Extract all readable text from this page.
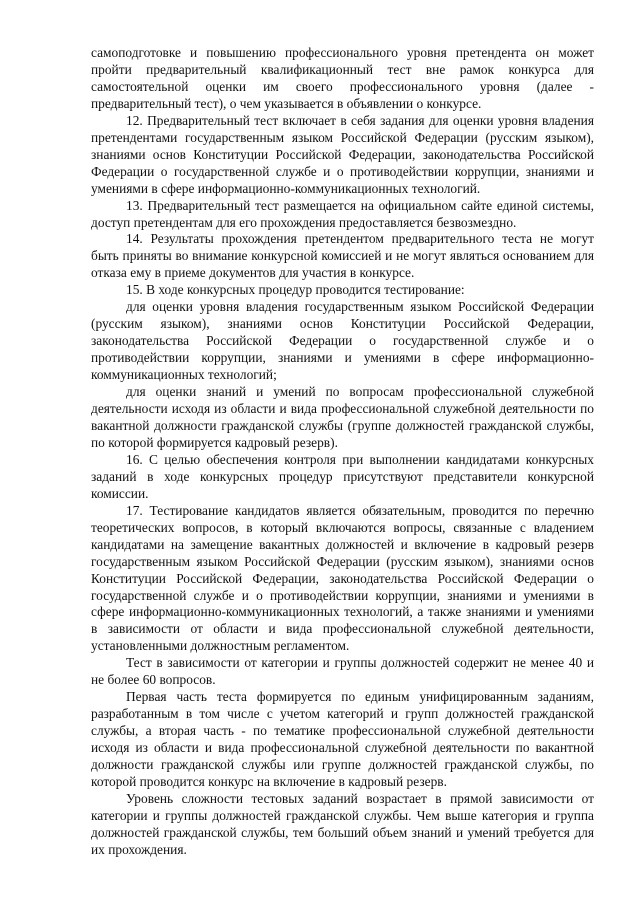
самоподготовке и повышению профессионального уровня претендента он может пройти предварительный квалификационный тест вне рамок конкурса для самостоятельной оценки им своего профессионального уровня (далее - предварительный тест), о чем указывается в объявлении о конкурсе.

12. Предварительный тест включает в себя задания для оценки уровня владения претендентами государственным языком Российской Федерации (русским языком), знаниями основ Конституции Российской Федерации, законодательства Российской Федерации о государственной службе и о противодействии коррупции, знаниями и умениями в сфере информационно-коммуникационных технологий.

13. Предварительный тест размещается на официальном сайте единой системы, доступ претендентам для его прохождения предоставляется безвозмездно.

14. Результаты прохождения претендентом предварительного теста не могут быть приняты во внимание конкурсной комиссией и не могут являться основанием для отказа ему в приеме документов для участия в конкурсе.

15. В ходе конкурсных процедур проводится тестирование:

для оценки уровня владения государственным языком Российской Федерации (русским языком), знаниями основ Конституции Российской Федерации, законодательства Российской Федерации о государственной службе и о противодействии коррупции, знаниями и умениями в сфере информационно-коммуникационных технологий;

для оценки знаний и умений по вопросам профессиональной служебной деятельности исходя из области и вида профессиональной служебной деятельности по вакантной должности гражданской службы (группе должностей гражданской службы, по которой формируется кадровый резерв).

16. С целью обеспечения контроля при выполнении кандидатами конкурсных заданий в ходе конкурсных процедур присутствуют представители конкурсной комиссии.

17. Тестирование кандидатов является обязательным, проводится по перечню теоретических вопросов, в который включаются вопросы, связанные с владением кандидатами на замещение вакантных должностей и включение в кадровый резерв государственным языком Российской Федерации (русским языком), знаниями основ Конституции Российской Федерации, законодательства Российской Федерации о государственной службе и о противодействии коррупции, знаниями и умениями в сфере информационно-коммуникационных технологий, а также знаниями и умениями в зависимости от области и вида профессиональной служебной деятельности, установленными должностным регламентом.

Тест в зависимости от категории и группы должностей содержит не менее 40 и не более 60 вопросов.

Первая часть теста формируется по единым унифицированным заданиям, разработанным в том числе с учетом категорий и групп должностей гражданской службы, а вторая часть - по тематике профессиональной служебной деятельности исходя из области и вида профессиональной служебной деятельности по вакантной должности гражданской службы или группе должностей гражданской службы, по которой проводится конкурс на включение в кадровый резерв.

Уровень сложности тестовых заданий возрастает в прямой зависимости от категории и группы должностей гражданской службы. Чем выше категория и группа должностей гражданской службы, тем больший объем знаний и умений требуется для их прохождения.
